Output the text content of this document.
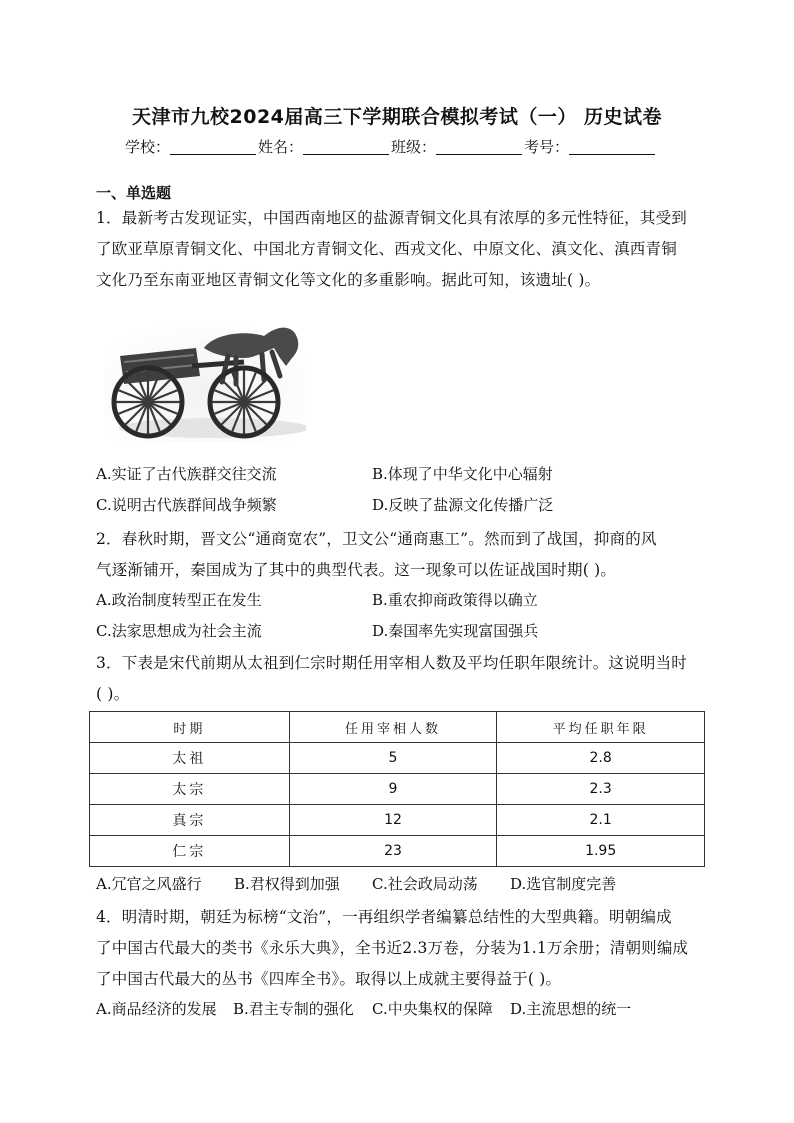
天津市九校2024届高三下学期联合模拟考试（一） 历史试卷
学校：	姓名：	班级：	考号：
一、单选题
1．最新考古发现证实，中国西南地区的盐源青铜文化具有浓厚的多元性特征，其受到
了欧亚草原青铜文化、中国北方青铜文化、西戎文化、中原文化、滇文化、滇西青铜
文化乃至东南亚地区青铜文化等文化的多重影响。据此可知，该遗址( )。
A.实证了古代族群交往交流	B.体现了中华文化中心辐射
C.说明古代族群间战争频繁	D.反映了盐源文化传播广泛
2．春秋时期，晋文公“通商宽农”，卫文公“通商惠工”。然而到了战国，抑商的风
气逐渐铺开，秦国成为了其中的典型代表。这一现象可以佐证战国时期( )。
A.政治制度转型正在发生	B.重农抑商政策得以确立
C.法家思想成为社会主流	D.秦国率先实现富国强兵
3．下表是宋代前期从太祖到仁宗时期任用宰相人数及平均任职年限统计。这说明当时
( )。
时期	任用宰相人数	平均任职年限
太祖	5	2.8
太宗	9	2.3
真宗	12	2.1
仁宗	23	1.95
A.冗官之风盛行 B.君权得到加强 C.社会政局动荡 D.选官制度完善
4．明清时期，朝廷为标榜“文治”，一再组织学者编纂总结性的大型典籍。明朝编成
了中国古代最大的类书《永乐大典》，全书近2.3万卷，分装为1.1万余册；清朝则编成
了中国古代最大的丛书《四库全书》。取得以上成就主要得益于( )。
A.商品经济的发展 B.君主专制的强化 C.中央集权的保障 D.主流思想的统一
